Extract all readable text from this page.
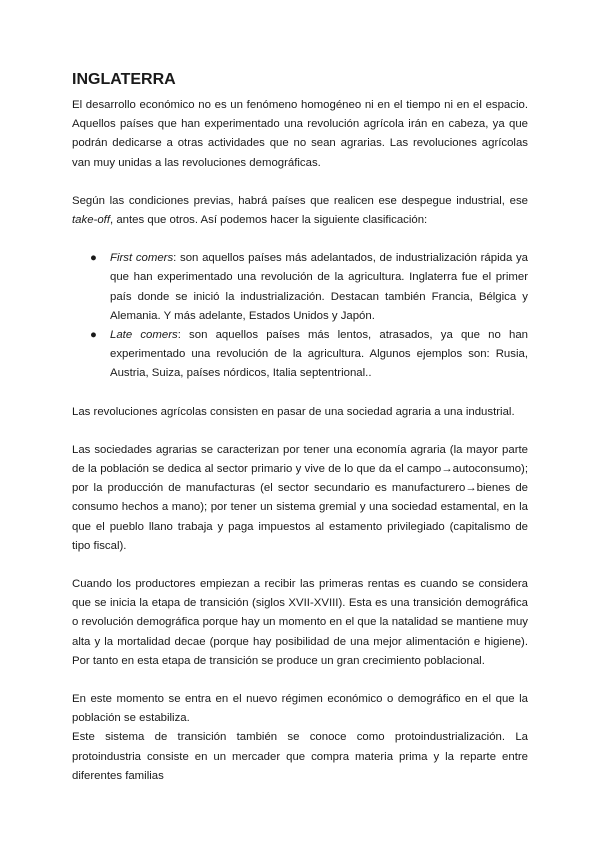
INGLATERRA

El desarrollo económico no es un fenómeno homogéneo ni en el tiempo ni en el espacio. Aquellos países que han experimentado una revolución agrícola irán en cabeza, ya que podrán dedicarse a otras actividades que no sean agrarias. Las revoluciones agrícolas van muy unidas a las revoluciones demográficas.

Según las condiciones previas, habrá países que realicen ese despegue industrial, ese take-off, antes que otros. Así podemos hacer la siguiente clasificación:

● First comers: son aquellos países más adelantados, de industrialización rápida ya que han experimentado una revolución de la agricultura. Inglaterra fue el primer país donde se inició la industrialización. Destacan también Francia, Bélgica y Alemania. Y más adelante, Estados Unidos y Japón.
● Late comers: son aquellos países más lentos, atrasados, ya que no han experimentado una revolución de la agricultura. Algunos ejemplos son: Rusia, Austria, Suiza, países nórdicos, Italia septentrional..

Las revoluciones agrícolas consisten en pasar de una sociedad agraria a una industrial.

Las sociedades agrarias se caracterizan por tener una economía agraria (la mayor parte de la población se dedica al sector primario y vive de lo que da el campo→autoconsumo); por la producción de manufacturas (el sector secundario es manufacturero→bienes de consumo hechos a mano); por tener un sistema gremial y una sociedad estamental, en la que el pueblo llano trabaja y paga impuestos al estamento privilegiado (capitalismo de tipo fiscal).

Cuando los productores empiezan a recibir las primeras rentas es cuando se considera que se inicia la etapa de transición (siglos XVII-XVIII). Esta es una transición demográfica o revolución demográfica porque hay un momento en el que la natalidad se mantiene muy alta y la mortalidad decae (porque hay posibilidad de una mejor alimentación e higiene). Por tanto en esta etapa de transición se produce un gran crecimiento poblacional.

En este momento se entra en el nuevo régimen económico o demográfico en el que la población se estabiliza.

Este sistema de transición también se conoce como protoindustrialización. La protoindustria consiste en un mercader que compra materia prima y la reparte entre diferentes familias
